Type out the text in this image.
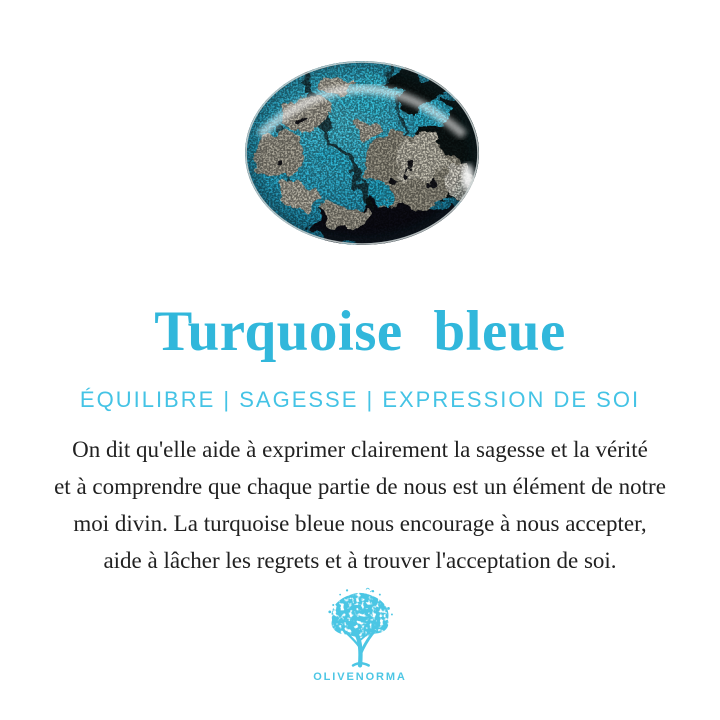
Turquoise bleue
ÉQUILIBRE | SAGESSE | EXPRESSION DE SOI
On dit qu'elle aide à exprimer clairement la sagesse et la vérité
et à comprendre que chaque partie de nous est un élément de notre
moi divin. La turquoise bleue nous encourage à nous accepter,
aide à lâcher les regrets et à trouver l'acceptation de soi.
OLIVENORMA
